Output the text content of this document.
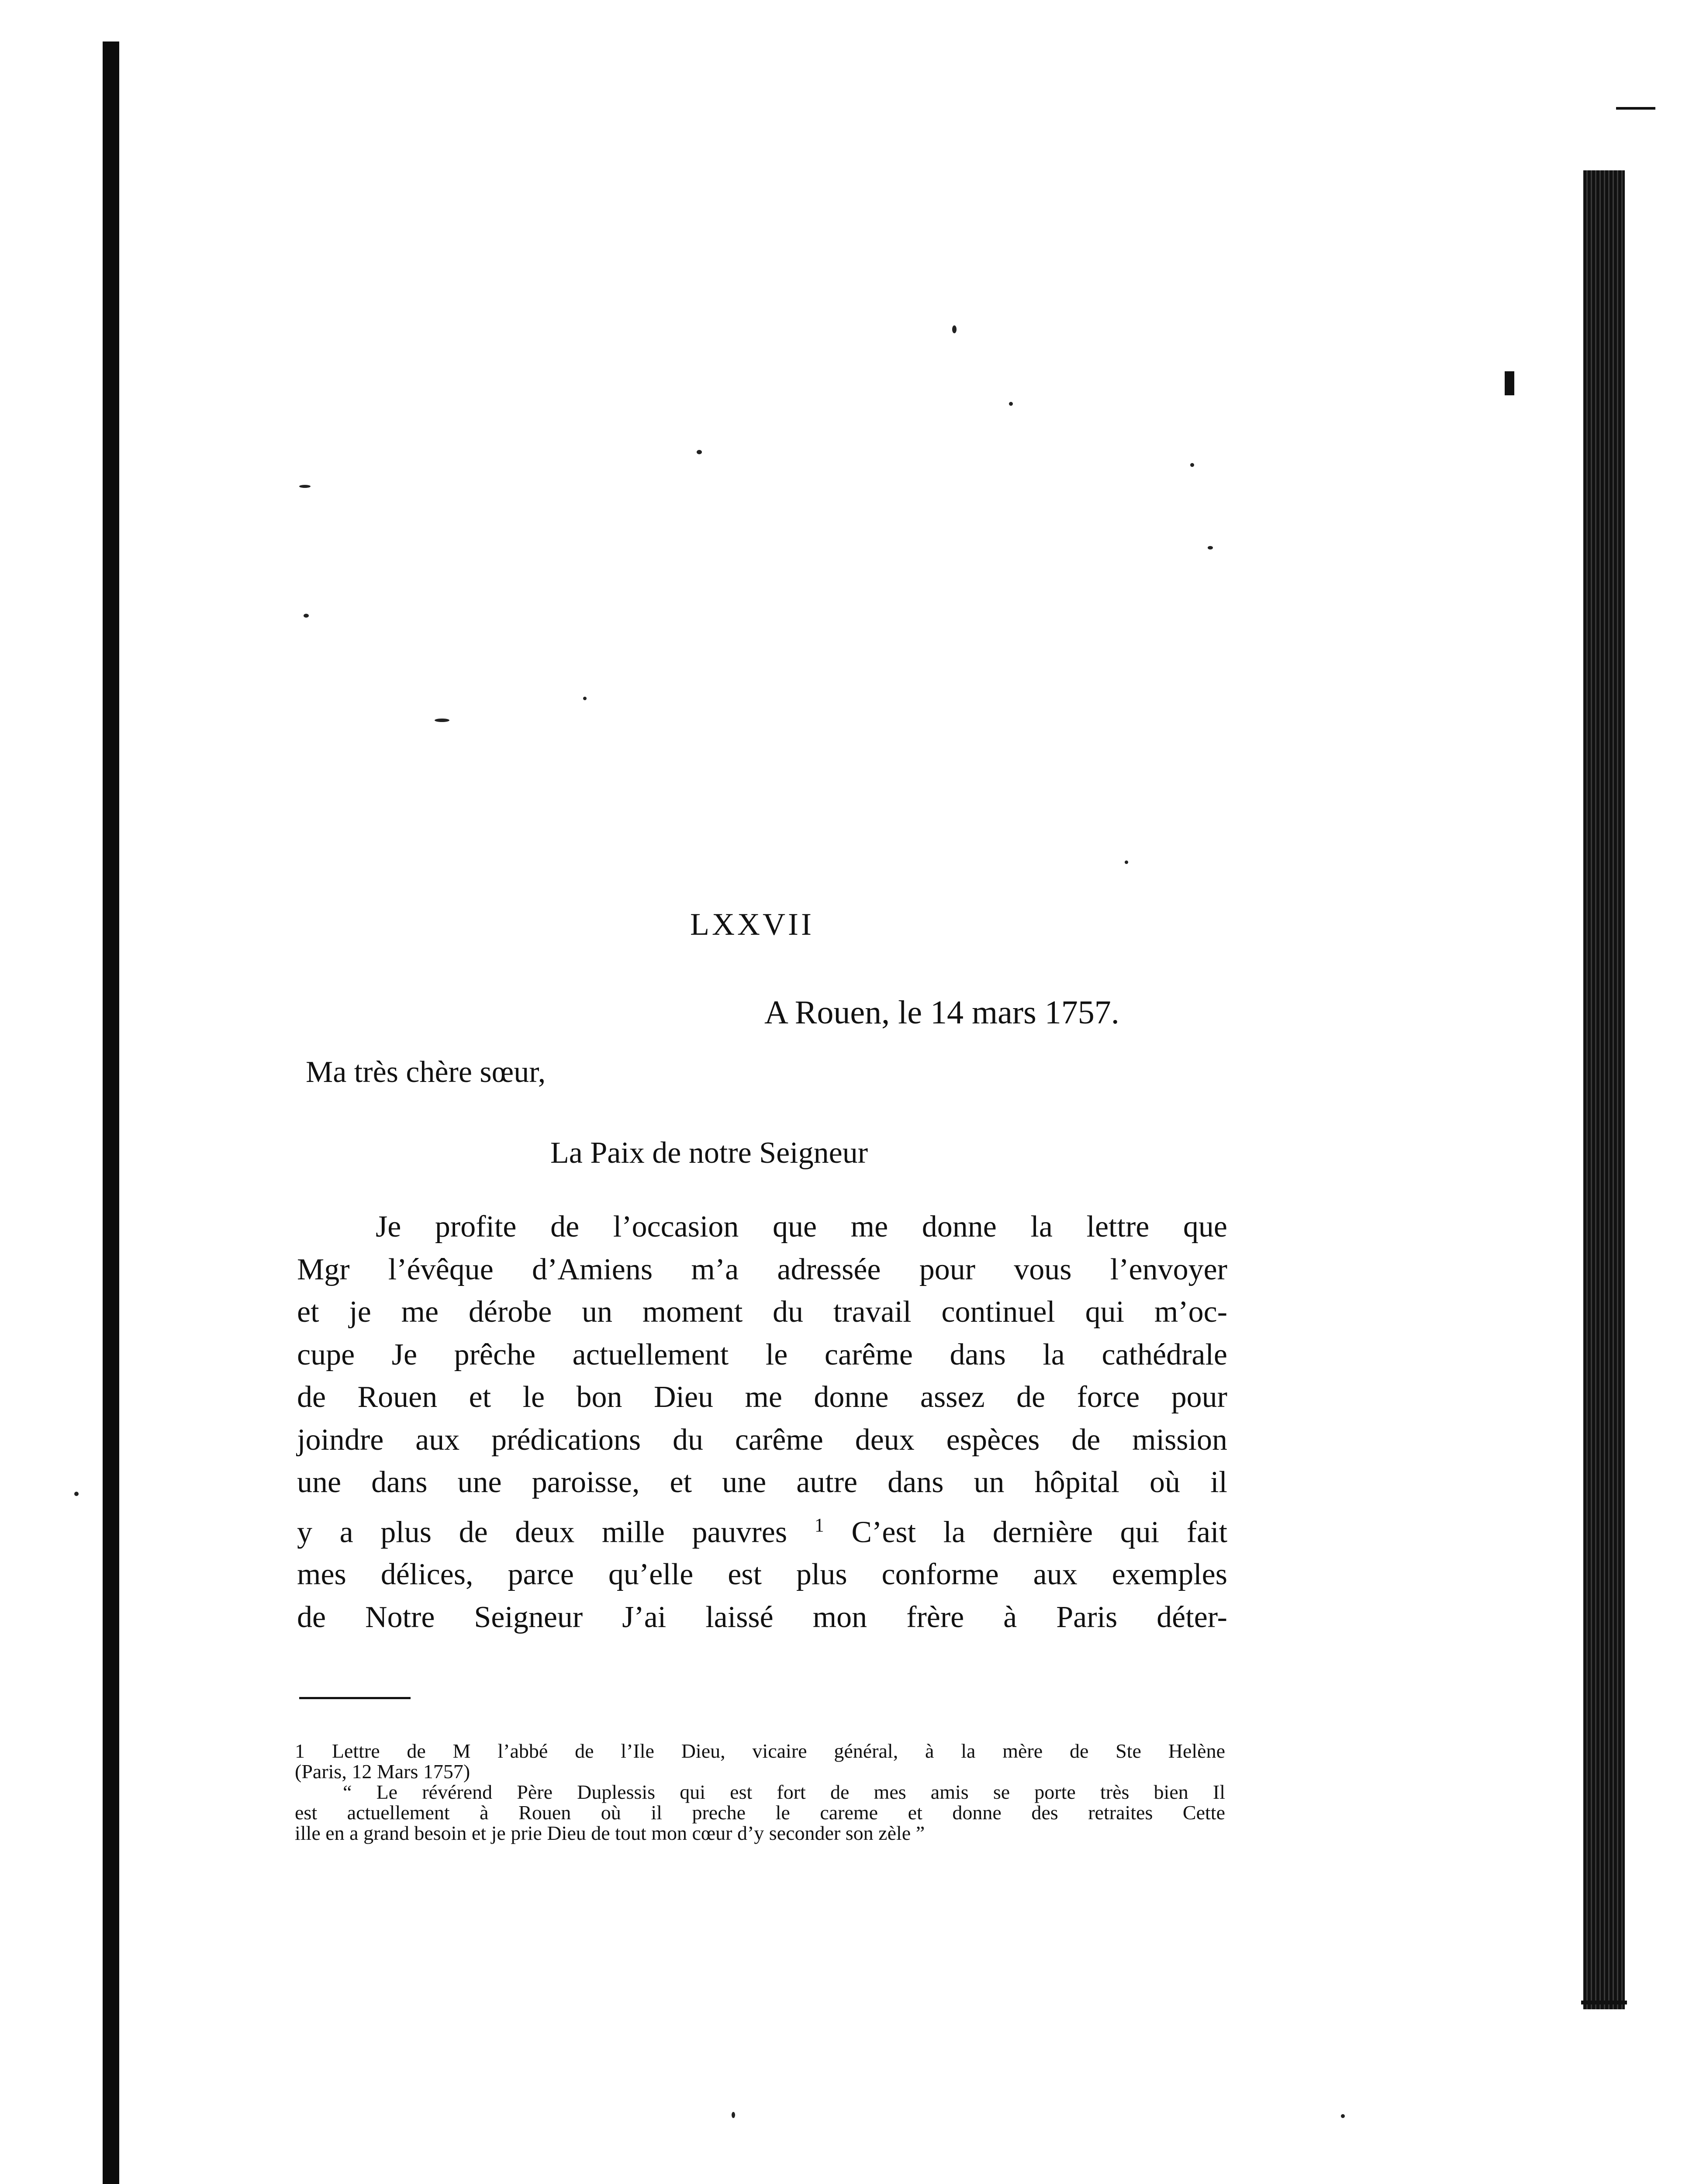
LXXVII
A Rouen, le 14 mars 1757.
Ma très chère sœur,
La Paix de notre Seigneur
Je profite de l’occasion que me donne la lettre que
Mgr l’évêque d’Amiens m’a adressée pour vous l’envoyer
et je me dérobe un moment du travail continuel qui m’oc-
cupe Je prêche actuellement le carême dans la cathédrale
de Rouen et le bon Dieu me donne assez de force pour
joindre aux prédications du carême deux espèces de mission
une dans une paroisse, et une autre dans un hôpital où il
y a plus de deux mille pauvres $^1$ C’est la dernière qui fait
mes délices, parce qu’elle est plus conforme aux exemples
de Notre Seigneur J’ai laissé mon frère à Paris déter-
1 Lettre de M l’abbé de l’Ile Dieu, vicaire général, à la mère de Ste Helène
(Paris, 12 Mars 1757)
“ Le révérend Père Duplessis qui est fort de mes amis se porte très bien Il
est actuellement à Rouen où il preche le careme et donne des retraites Cette
ille en a grand besoin et je prie Dieu de tout mon cœur d’y seconder son zèle ”
